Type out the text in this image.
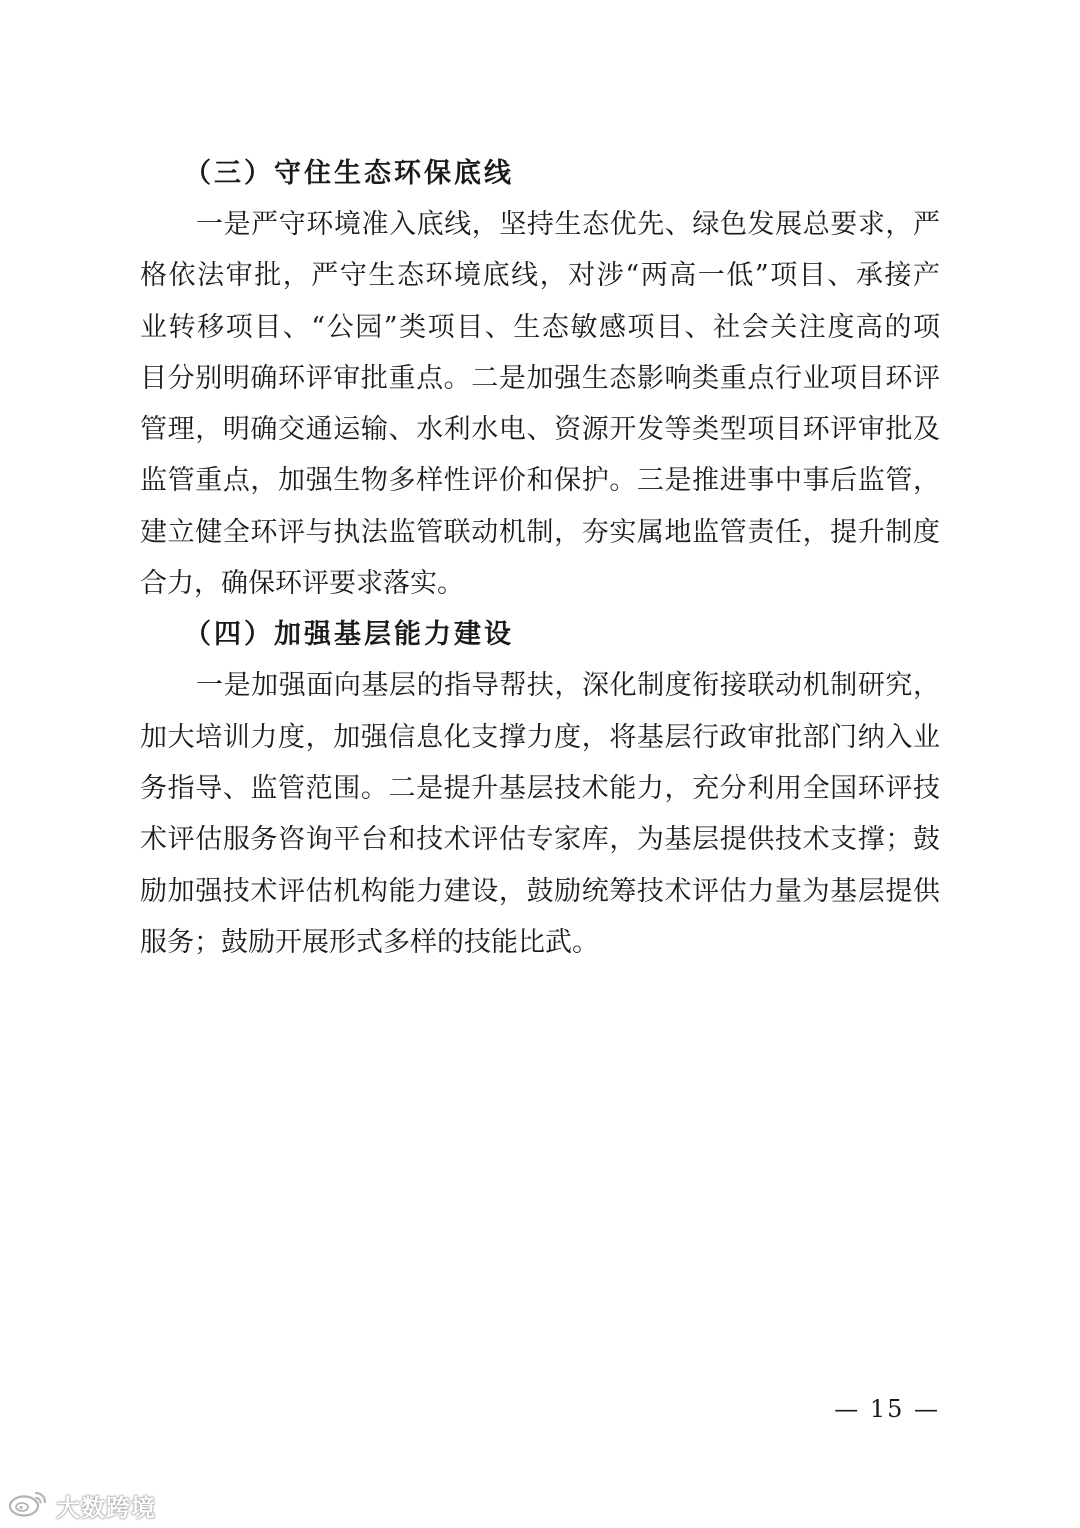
（三）守住生态环保底线

一是严守环境准入底线，坚持生态优先、绿色发展总要求，严
格依法审批，严守生态环境底线，对涉“两高一低”项目、承接产
业转移项目、“公园”类项目、生态敏感项目、社会关注度高的项
目分别明确环评审批重点。二是加强生态影响类重点行业项目环评
管理，明确交通运输、水利水电、资源开发等类型项目环评审批及
监管重点，加强生物多样性评价和保护。三是推进事中事后监管，
建立健全环评与执法监管联动机制，夯实属地监管责任，提升制度
合力，确保环评要求落实。

（四）加强基层能力建设

一是加强面向基层的指导帮扶，深化制度衔接联动机制研究，
加大培训力度，加强信息化支撑力度，将基层行政审批部门纳入业
务指导、监管范围。二是提升基层技术能力，充分利用全国环评技
术评估服务咨询平台和技术评估专家库，为基层提供技术支撑；鼓
励加强技术评估机构能力建设，鼓励统筹技术评估力量为基层提供
服务；鼓励开展形式多样的技能比武。

— 15 —
大数跨境
